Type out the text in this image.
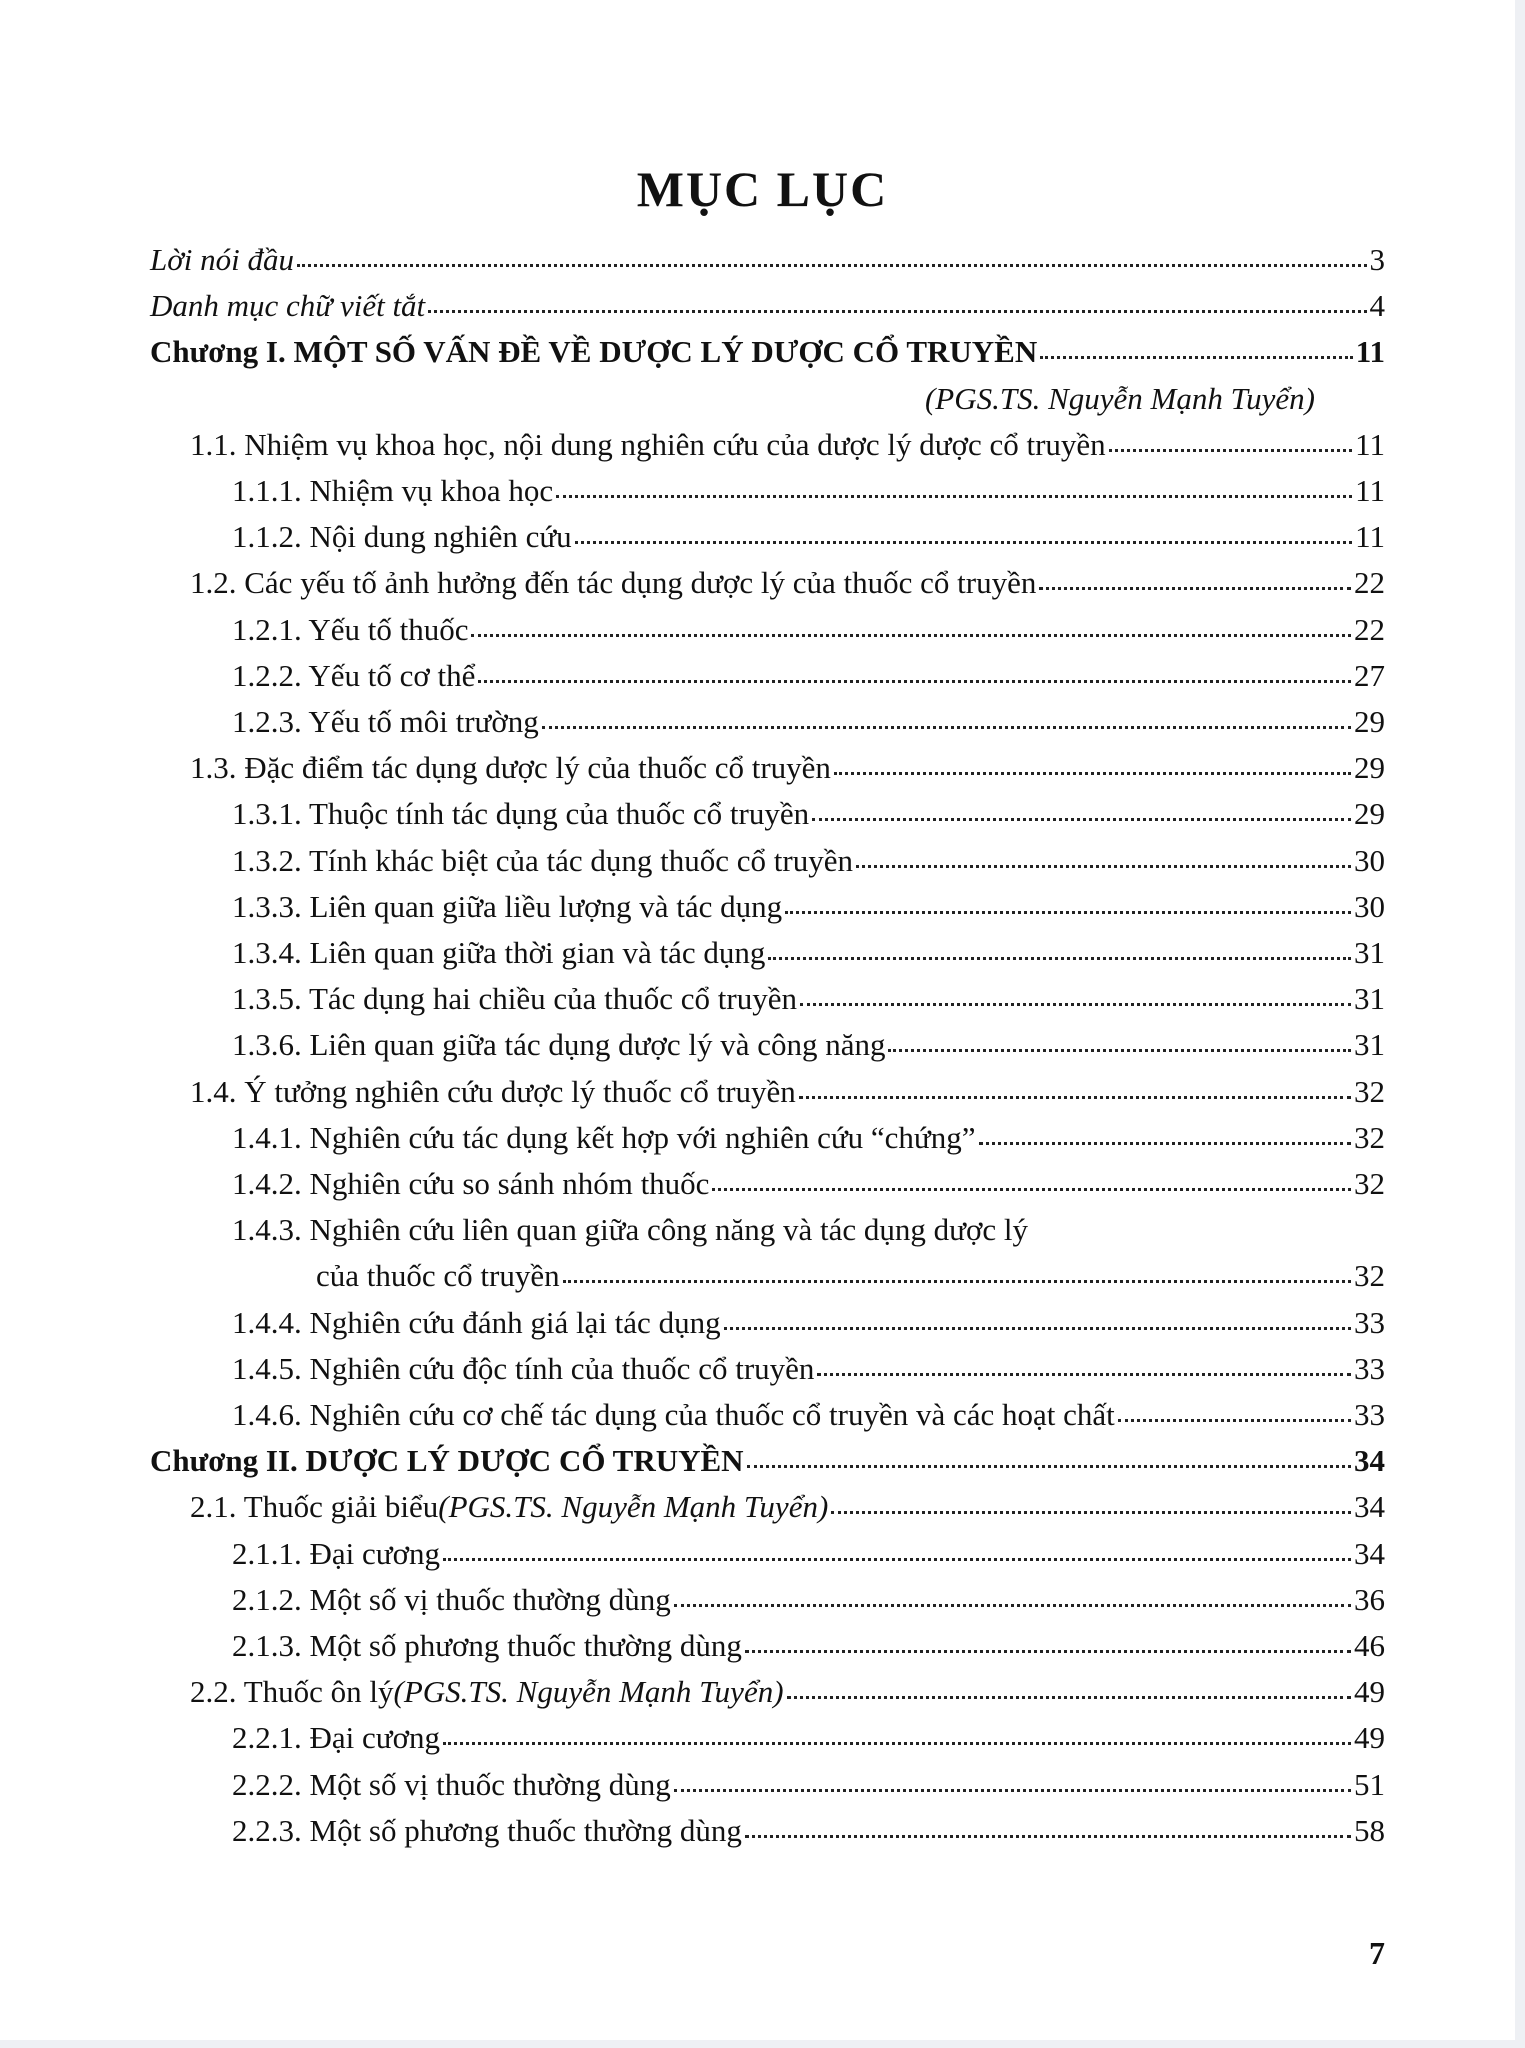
MỤC LỤC
Lời nói đầu	3
Danh mục chữ viết tắt	4
Chương I. MỘT SỐ VẤN ĐỀ VỀ DƯỢC LÝ DƯỢC CỔ TRUYỀN	11
(PGS.TS. Nguyễn Mạnh Tuyển)
1.1. Nhiệm vụ khoa học, nội dung nghiên cứu của dược lý dược cổ truyền	11
1.1.1. Nhiệm vụ khoa học	11
1.1.2. Nội dung nghiên cứu	11
1.2. Các yếu tố ảnh hưởng đến tác dụng dược lý của thuốc cổ truyền	22
1.2.1. Yếu tố thuốc	22
1.2.2. Yếu tố cơ thể	27
1.2.3. Yếu tố môi trường	29
1.3. Đặc điểm tác dụng dược lý của thuốc cổ truyền	29
1.3.1. Thuộc tính tác dụng của thuốc cổ truyền	29
1.3.2. Tính khác biệt của tác dụng thuốc cổ truyền	30
1.3.3. Liên quan giữa liều lượng và tác dụng	30
1.3.4. Liên quan giữa thời gian và tác dụng	31
1.3.5. Tác dụng hai chiều của thuốc cổ truyền	31
1.3.6. Liên quan giữa tác dụng dược lý và công năng	31
1.4. Ý tưởng nghiên cứu dược lý thuốc cổ truyền	32
1.4.1. Nghiên cứu tác dụng kết hợp với nghiên cứu “chứng”	32
1.4.2. Nghiên cứu so sánh nhóm thuốc	32
1.4.3. Nghiên cứu liên quan giữa công năng và tác dụng dược lý
của thuốc cổ truyền	32
1.4.4. Nghiên cứu đánh giá lại tác dụng	33
1.4.5. Nghiên cứu độc tính của thuốc cổ truyền	33
1.4.6. Nghiên cứu cơ chế tác dụng của thuốc cổ truyền và các hoạt chất	33
Chương II. DƯỢC LÝ DƯỢC CỔ TRUYỀN	34
2.1. Thuốc giải biểu (PGS.TS. Nguyễn Mạnh Tuyển)	34
2.1.1. Đại cương	34
2.1.2. Một số vị thuốc thường dùng	36
2.1.3. Một số phương thuốc thường dùng	46
2.2. Thuốc ôn lý (PGS.TS. Nguyễn Mạnh Tuyển)	49
2.2.1. Đại cương	49
2.2.2. Một số vị thuốc thường dùng	51
2.2.3. Một số phương thuốc thường dùng	58
7
